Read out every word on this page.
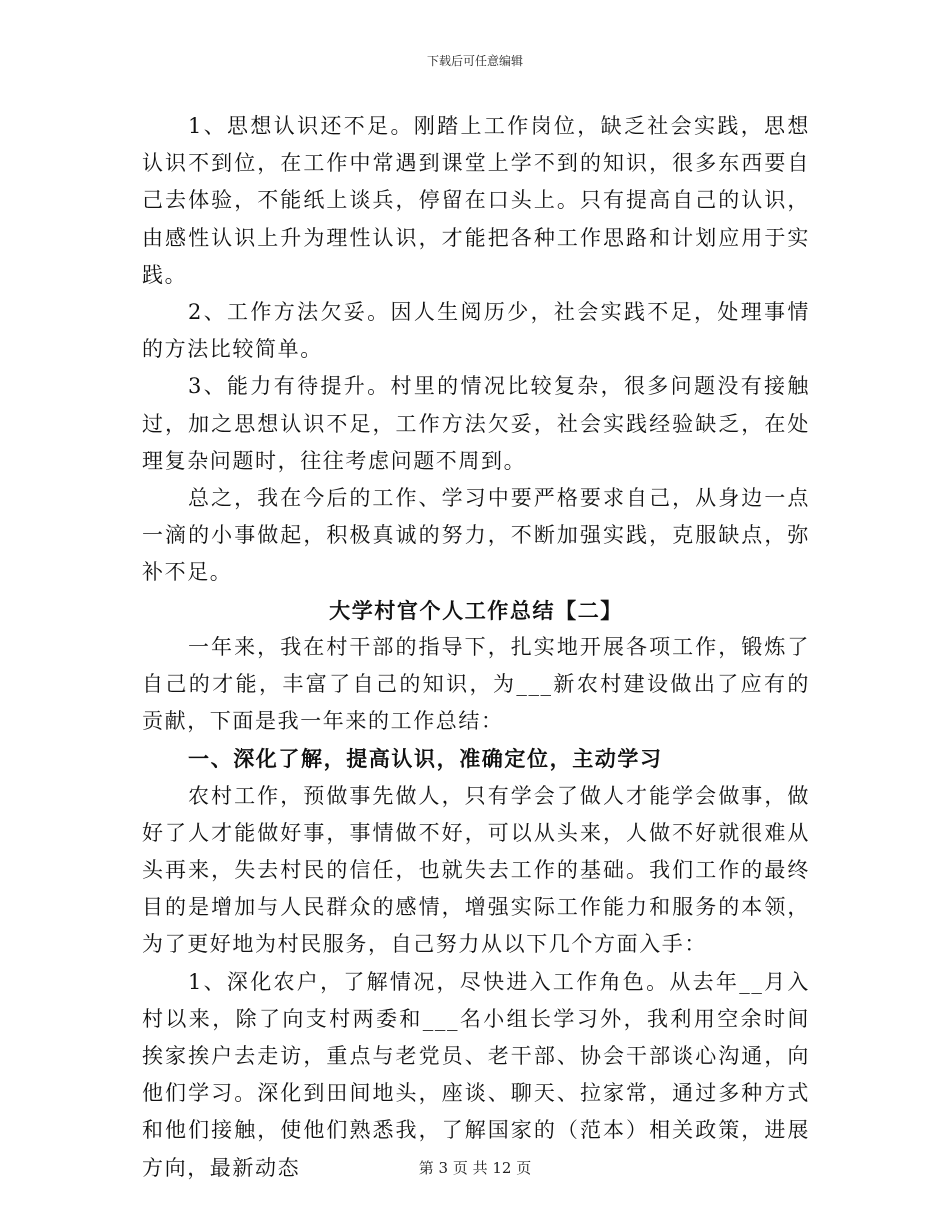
下载后可任意编辑

1、思想认识还不足。刚踏上工作岗位，缺乏社会实践，思想认识不到位，在工作中常遇到课堂上学不到的知识，很多东西要自己去体验，不能纸上谈兵，停留在口头上。只有提高自己的认识，由感性认识上升为理性认识，才能把各种工作思路和计划应用于实践。

2、工作方法欠妥。因人生阅历少，社会实践不足，处理事情的方法比较简单。

3、能力有待提升。村里的情况比较复杂，很多问题没有接触过，加之思想认识不足，工作方法欠妥，社会实践经验缺乏，在处理复杂问题时，往往考虑问题不周到。

总之，我在今后的工作、学习中要严格要求自己，从身边一点一滴的小事做起，积极真诚的努力，不断加强实践，克服缺点，弥补不足。

大学村官个人工作总结【二】

一年来，我在村干部的指导下，扎实地开展各项工作，锻炼了自己的才能，丰富了自己的知识，为___新农村建设做出了应有的贡献，下面是我一年来的工作总结：

一、深化了解，提高认识，准确定位，主动学习

农村工作，预做事先做人，只有学会了做人才能学会做事，做好了人才能做好事，事情做不好，可以从头来，人做不好就很难从头再来，失去村民的信任，也就失去工作的基础。我们工作的最终目的是增加与人民群众的感情，增强实际工作能力和服务的本领，为了更好地为村民服务，自己努力从以下几个方面入手：

1、深化农户，了解情况，尽快进入工作角色。从去年__月入村以来，除了向支村两委和___名小组长学习外，我利用空余时间挨家挨户去走访，重点与老党员、老干部、协会干部谈心沟通，向他们学习。深化到田间地头，座谈、聊天、拉家常，通过多种方式和他们接触，使他们熟悉我，了解国家的（范本）相关政策，进展方向，最新动态	第 3 页 共 12 页
